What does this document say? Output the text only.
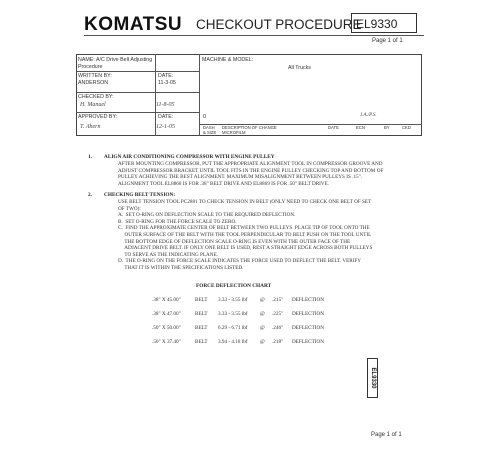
KOMATSU CHECKOUT PROCEDURE
EL9330
Page 1 of 1
NAME: A/C Drive Belt Adjusting Procedure
MACHINE & MODEL:
All Trucks
WRITTEN BY:
ANDERSON
DATE:
11-3-05
CHECKED BY:
H. Manuel	11-8-05
APPROVED BY:
T. Ahern
DATE:
12-1-05
0	J.A./P.S.
DASH DESCRIPTION OF CHANGE	DATE	ECN	BY	CKD
& SIZE MICROFILM
1. ALIGN AIR CONDITIONING COMPRESSOR WITH ENGINE PULLEY
AFTER MOUNTING COMPRESSOR, PUT THE APPROPRIATE ALIGNMENT TOOL IN COMPRESSOR GROOVE AND
ADJUST COMPRESSOR BRACKET UNTIL TOOL FITS IN THE ENGINE PULLEY CHECKING TOP AND BOTTOM OF
PULLEY ACHIEVING THE BEST ALIGNMENT. MAXIMUM MISALIGNMENT BETWEEN PULLEYS IS .15".
ALIGNMENT TOOL EL8868 IS FOR .38" BELT DRIVE AND EL8869 IS FOR .50" BELT DRIVE.
2. CHECKING BELT TENSION:
USE BELT TENSION TOOL PC2881 TO CHECK TENSION IN BELT (ONLY NEED TO CHECK ONE BELT OF SET
OF TWO):
A.  SET O-RING ON DEFLECTION SCALE TO THE REQUIRED DEFLECTION.
B.  SET O-RING FOR THE FORCE SCALE TO ZERO.
C.  FIND THE APPROXIMATE CENTER OF BELT BETWEEN TWO PULLEYS. PLACE TIP OF TOOL ONTO THE
OUTER SURFACE OF THE BELT WITH THE TOOL PERPENDICULAR TO BELT PUSH ON THE TOOL UNTIL
THE BOTTOM EDGE OF DEFLECTION SCALE O-RING IS EVEN WITH THE OUTER FACE OF THE
ADJACENT DRIVE BELT. IF ONLY ONE BELT IS USED, REST A STRAIGHT EDGE ACROSS BOTH PULLEYS
TO SERVE AS THE INDICATING PLANE.
D.  THE O-RING ON THE FORCE SCALE INDICATES THE FORCE USED TO DEFLECT THE BELT. VERIFY
THAT IT IS WITHIN THE SPECIFICATIONS LISTED.
FORCE DEFLECTION CHART
.38" X 45.00"	BELT 3.33 - 3.55 lbf @ .215" DEFLECTION
.38" X 47.00"	BELT 3.33 - 3.55 lbf @ .225" DEFLECTION
.50" X 50.00"	BELT 6.29 - 6.71 lbf @ .246" DEFLECTION
.50" X 37.40"	BELT 3.94 - 4.18 lbf @ .218" DEFLECTION
EL9330
Page 1 of 1
